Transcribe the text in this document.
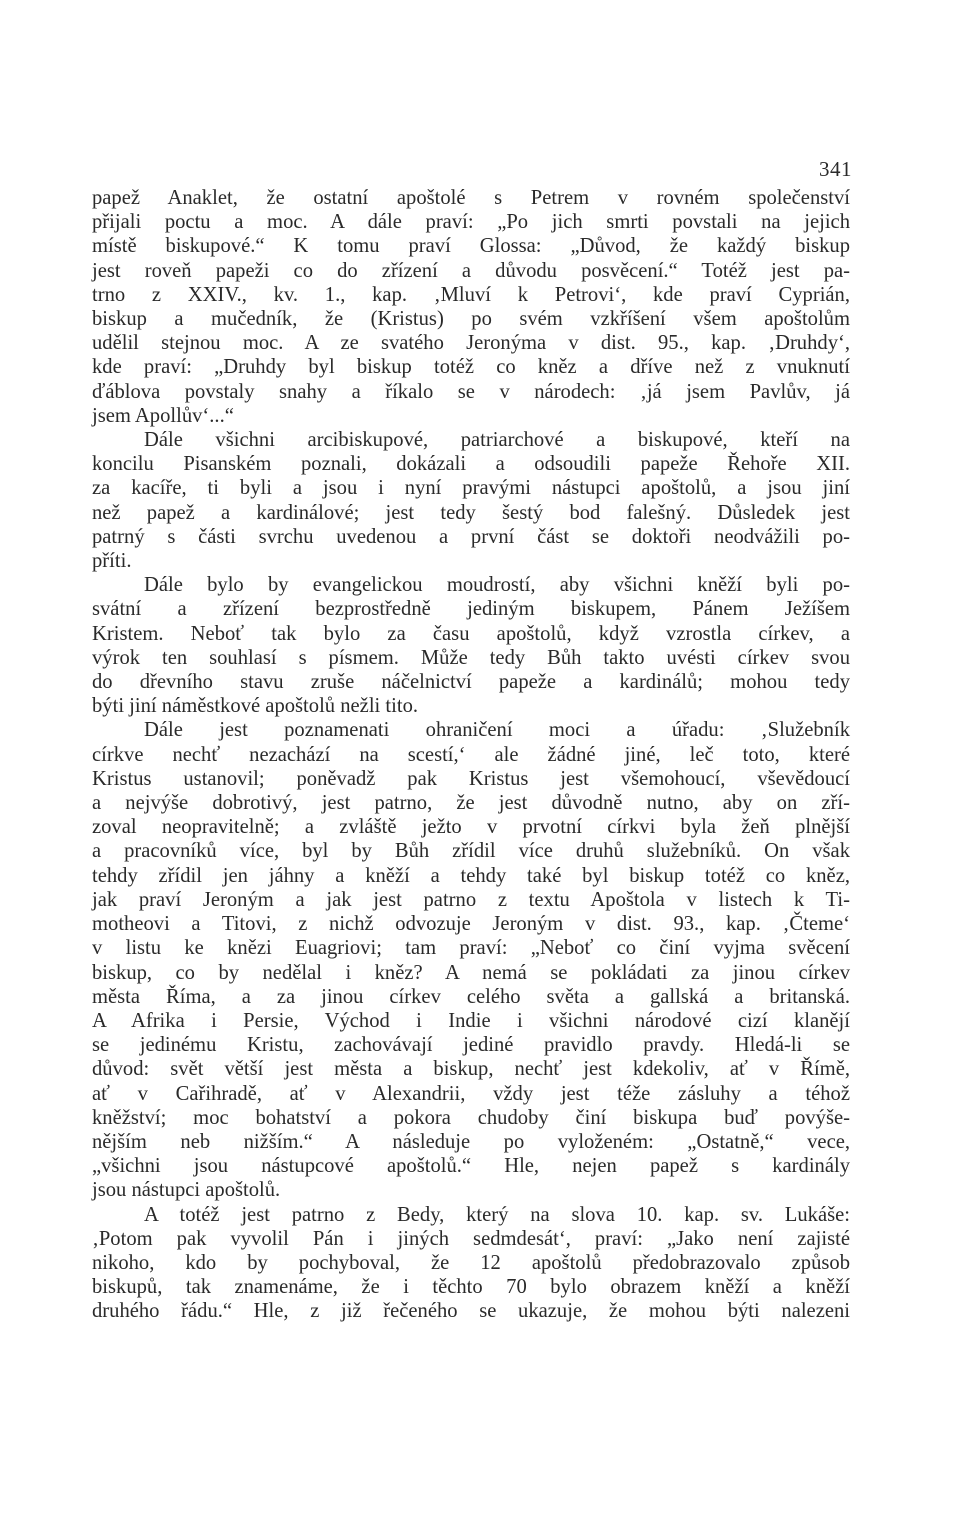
341
papež Anaklet, že ostatní apoštolé s Petrem v rovném společenství
přijali poctu a moc. A dále praví: „Po jich smrti povstali na jejich
místě biskupové.“ K tomu praví Glossa: „Důvod, že každý biskup
jest roveň papeži co do zřízení a důvodu posvěcení.“ Totéž jest pa-
trno z XXIV., kv. 1., kap. ‚Mluví k Petrovi‘, kde praví Cyprián,
biskup a mučedník, že (Kristus) po svém vzkříšení všem apoštolům
udělil stejnou moc. A ze svatého Jeronýma v dist. 95., kap. ‚Druhdy‘,
kde praví: „Druhdy byl biskup totéž co kněz a dříve než z vnuknutí
ďáblova povstaly snahy a říkalo se v národech: ‚já jsem Pavlův, já
jsem Apollův‘...“
Dále všichni arcibiskupové, patriarchové a biskupové, kteří na
koncilu Pisanském poznali, dokázali a odsoudili papeže Řehoře XII.
za kacíře, ti byli a jsou i nyní pravými nástupci apoštolů, a jsou jiní
než papež a kardinálové; jest tedy šestý bod falešný. Důsledek jest
patrný s části svrchu uvedenou a první část se doktoři neodvážili po-
příti.
Dále bylo by evangelickou moudrostí, aby všichni kněží byli po-
svátní a zřízení bezprostředně jediným biskupem, Pánem Ježíšem
Kristem. Neboť tak bylo za času apoštolů, když vzrostla církev, a
výrok ten souhlasí s písmem. Může tedy Bůh takto uvésti církev svou
do dřevního stavu zruše náčelnictví papeže a kardinálů; mohou tedy
býti jiní náměstkové apoštolů nežli tito.
Dále jest poznamenati ohraničení moci a úřadu: ‚Služebník
církve nechť nezachází na scestí,‘ ale žádné jiné, leč toto, které
Kristus ustanovil; poněvadž pak Kristus jest všemohoucí, vševědoucí
a nejvýše dobrotivý, jest patrno, že jest důvodně nutno, aby on zří-
zoval neopravitelně; a zvláště ježto v prvotní církvi byla žeň plnější
a pracovníků více, byl by Bůh zřídil více druhů služebníků. On však
tehdy zřídil jen jáhny a kněží a tehdy také byl biskup totéž co kněz,
jak praví Jeroným a jak jest patrno z textu Apoštola v listech k Ti-
motheovi a Titovi, z nichž odvozuje Jeroným v dist. 93., kap. ‚Čteme‘
v listu ke knězi Euagriovi; tam praví: „Neboť co činí vyjma svěcení
biskup, co by nedělal i kněz? A nemá se pokládati za jinou církev
města Říma, a za jinou církev celého světa a gallská a britanská.
A Afrika i Persie, Východ i Indie i všichni národové cizí klanějí
se jedinému Kristu, zachovávají jediné pravidlo pravdy. Hledá-li se
důvod: svět větší jest města a biskup, nechť jest kdekoliv, ať v Římě,
ať v Cařihradě, ať v Alexandrii, vždy jest téže zásluhy a téhož
kněžství; moc bohatství a pokora chudoby činí biskupa buď povýše-
nějším neb nižším.“ A následuje po vyloženém: „Ostatně,“ vece,
„všichni jsou nástupcové apoštolů.“ Hle, nejen papež s kardinály
jsou nástupci apoštolů.
A totéž jest patrno z Bedy, který na slova 10. kap. sv. Lukáše:
‚Potom pak vyvolil Pán i jiných sedmdesát‘, praví: „Jako není zajisté
nikoho, kdo by pochyboval, že 12 apoštolů předobrazovalo způsob
biskupů, tak znamenáme, že i těchto 70 bylo obrazem kněží a kněží
druhého řádu.“ Hle, z již řečeného se ukazuje, že mohou býti nalezeni
